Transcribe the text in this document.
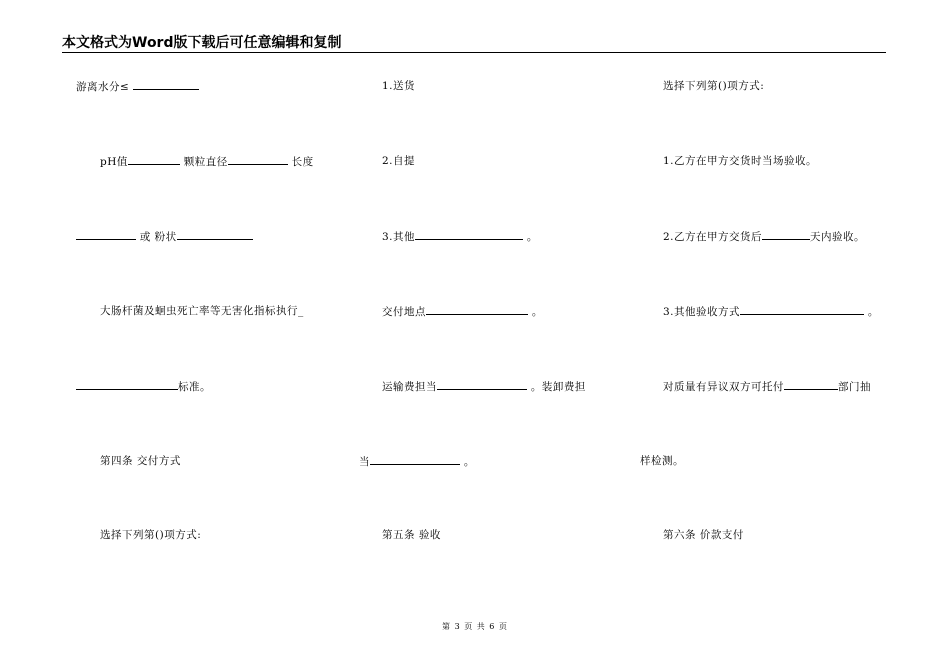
本文格式为Word版下载后可任意编辑和复制
游离水分≤
pH值	颗粒直径	长度
或 粉状
大肠杆菌及蛔虫死亡率等无害化指标执行_
标准。
第四条 交付方式
选择下列第()项方式:
1.送货
2.自提
3.其他	。
交付地点	。
运输费担当	。装卸费担
当	。
第五条 验收
选择下列第()项方式:
1.乙方在甲方交货时当场验收。
2.乙方在甲方交货后	天内验收。
3.其他验收方式	。
对质量有异议双方可托付	部门抽
样检测。
第六条 价款支付
第 3 页 共 6 页
